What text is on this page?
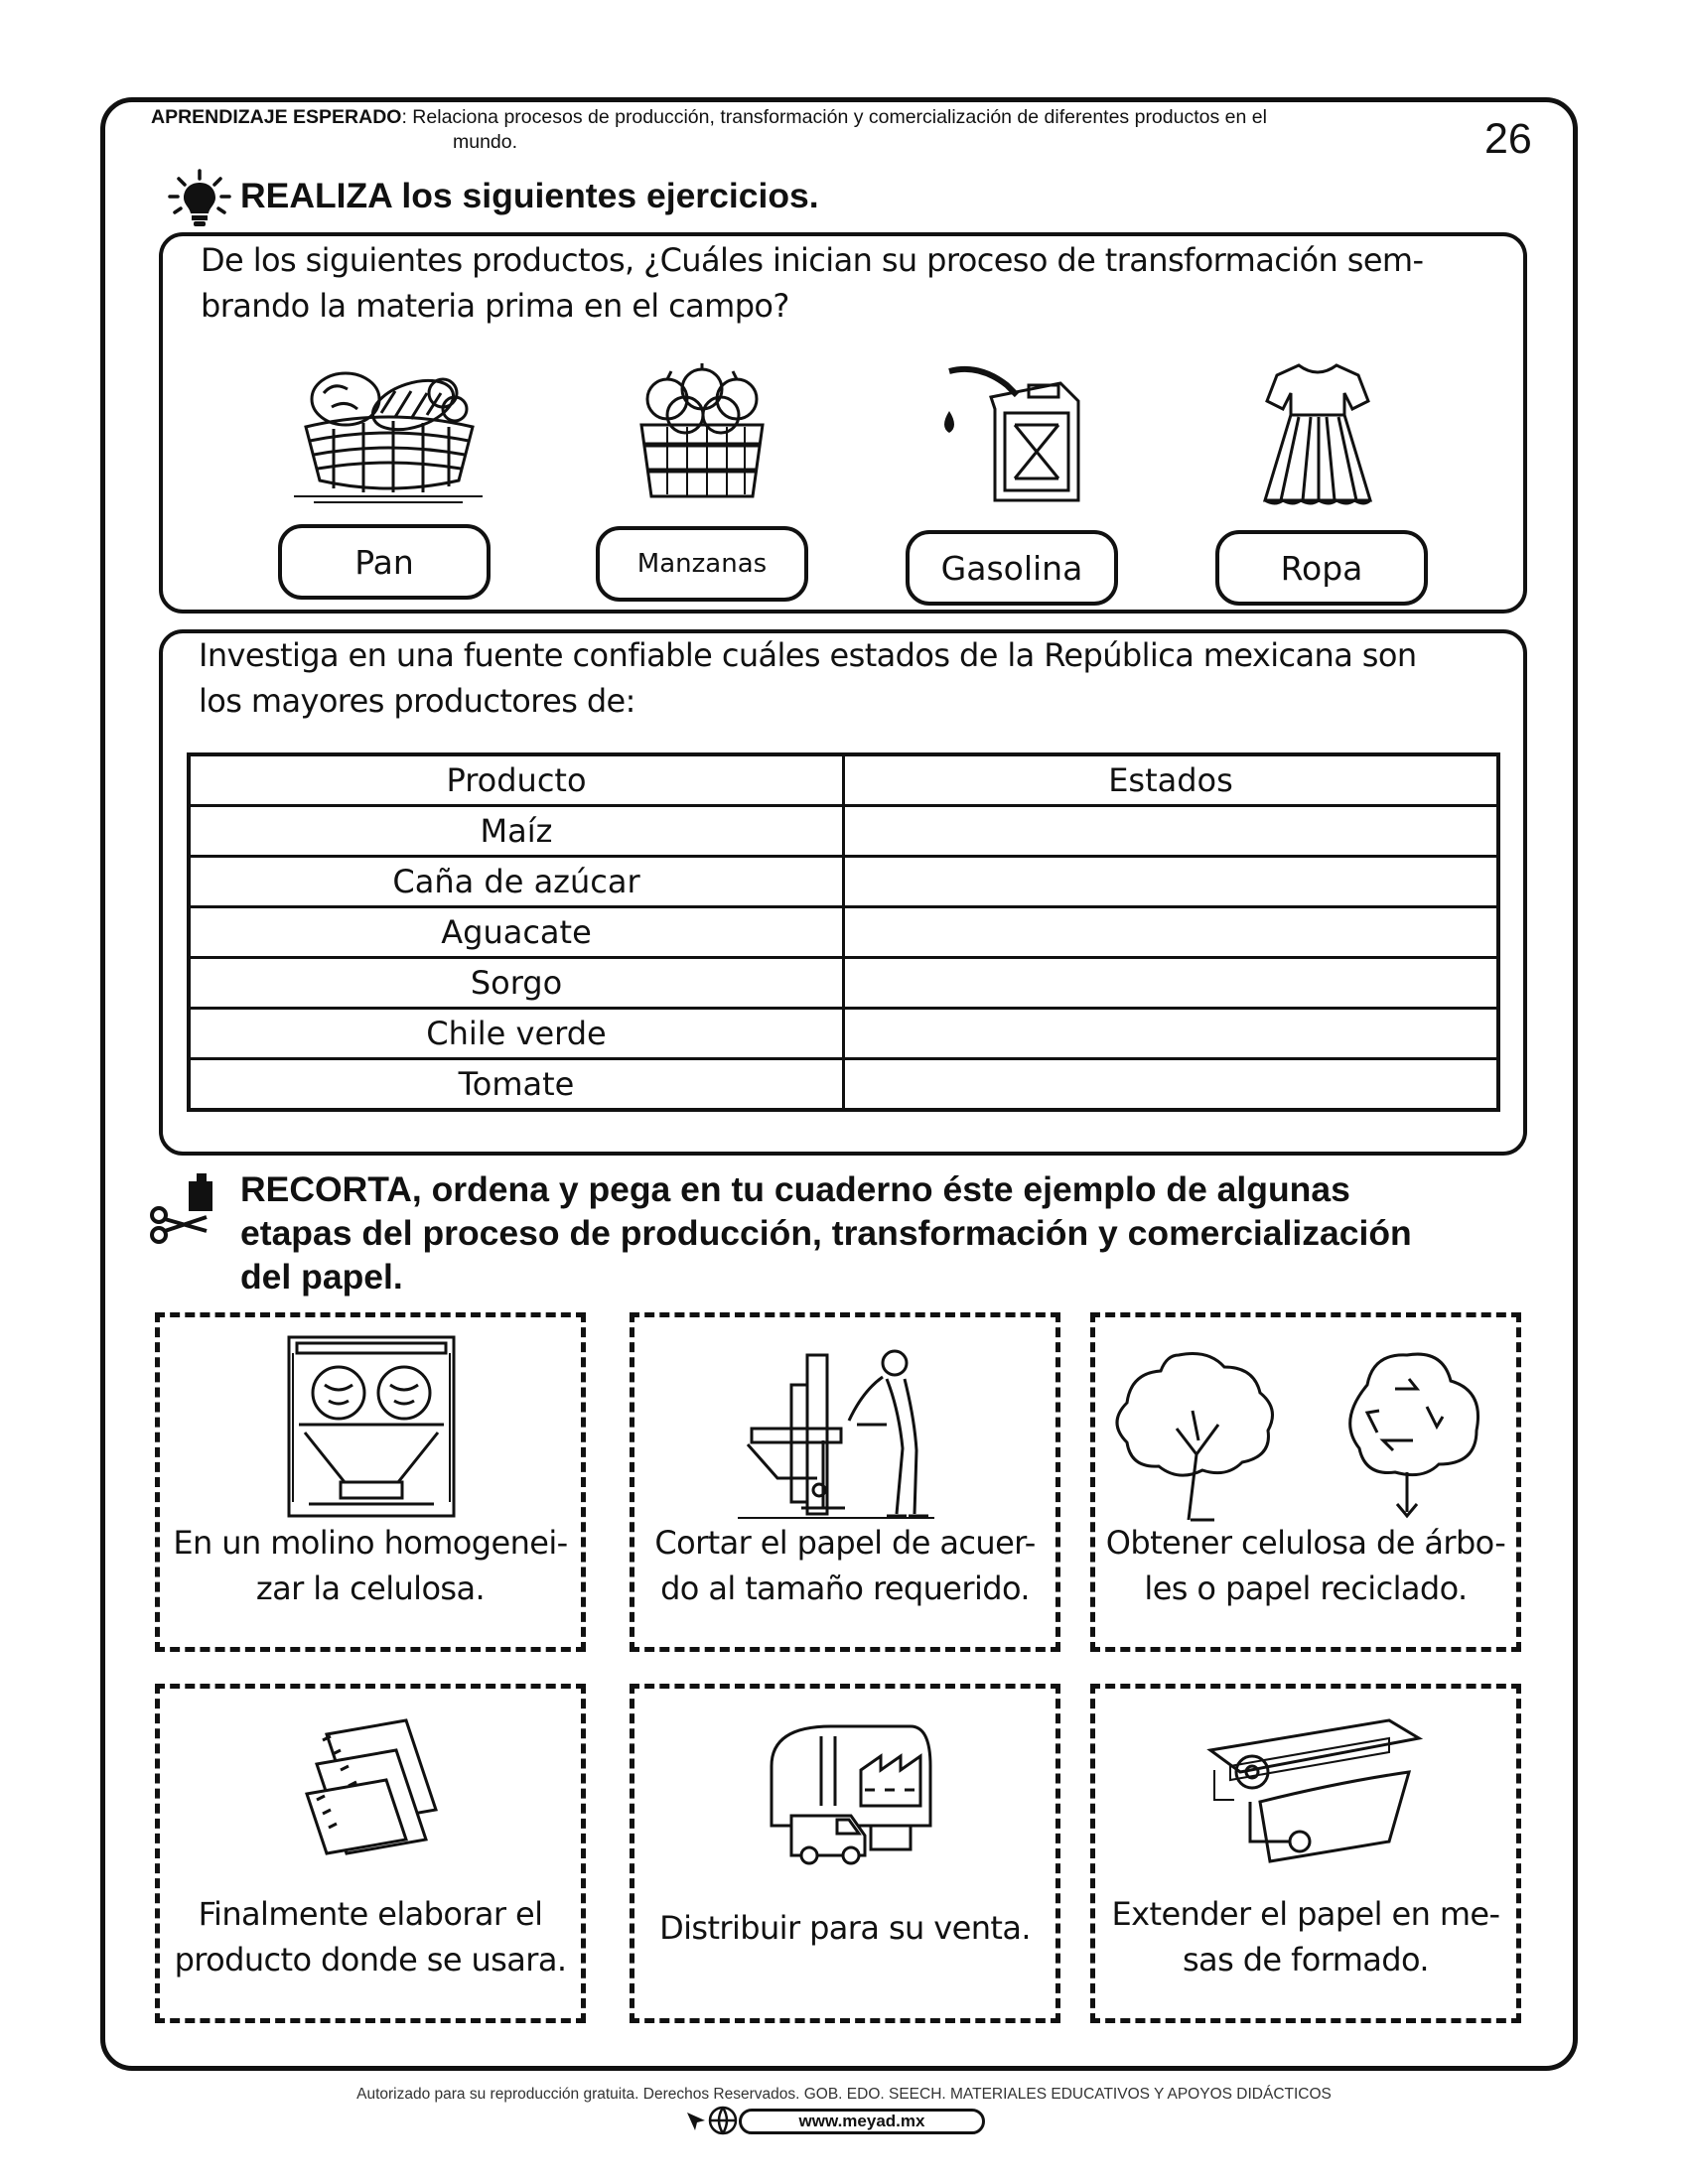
APRENDIZAJE ESPERADO: Relaciona procesos de producción, transformación y comercialización de diferentes productos en el
mundo.	26
REALIZA los siguientes ejercicios.
De los siguientes productos, ¿Cuáles inician su proceso de transformación sem-
brando la materia prima en el campo?
Pan	Manzanas	Gasolina	Ropa
Investiga en una fuente confiable cuáles estados de la República mexicana son
los mayores productores de:
Producto	Estados
Maíz	
Caña de azúcar	
Aguacate	
Sorgo	
Chile verde	
Tomate	
RECORTA, ordena y pega en tu cuaderno éste ejemplo de algunas
etapas del proceso de producción, transformación y comercialización
del papel.
En un molino homogenei-
zar la celulosa.
Cortar el papel de acuer-
do al tamaño requerido.
Obtener celulosa de árbo-
les o papel reciclado.
Finalmente elaborar el
producto donde se usara.
Distribuir para su venta.	Extender el papel en me-
sas de formado.
Autorizado para su reproducción gratuita. Derechos Reservados. GOB. EDO. SEECH. MATERIALES EDUCATIVOS Y APOYOS DIDÁCTICOS
www.meyad.mx
